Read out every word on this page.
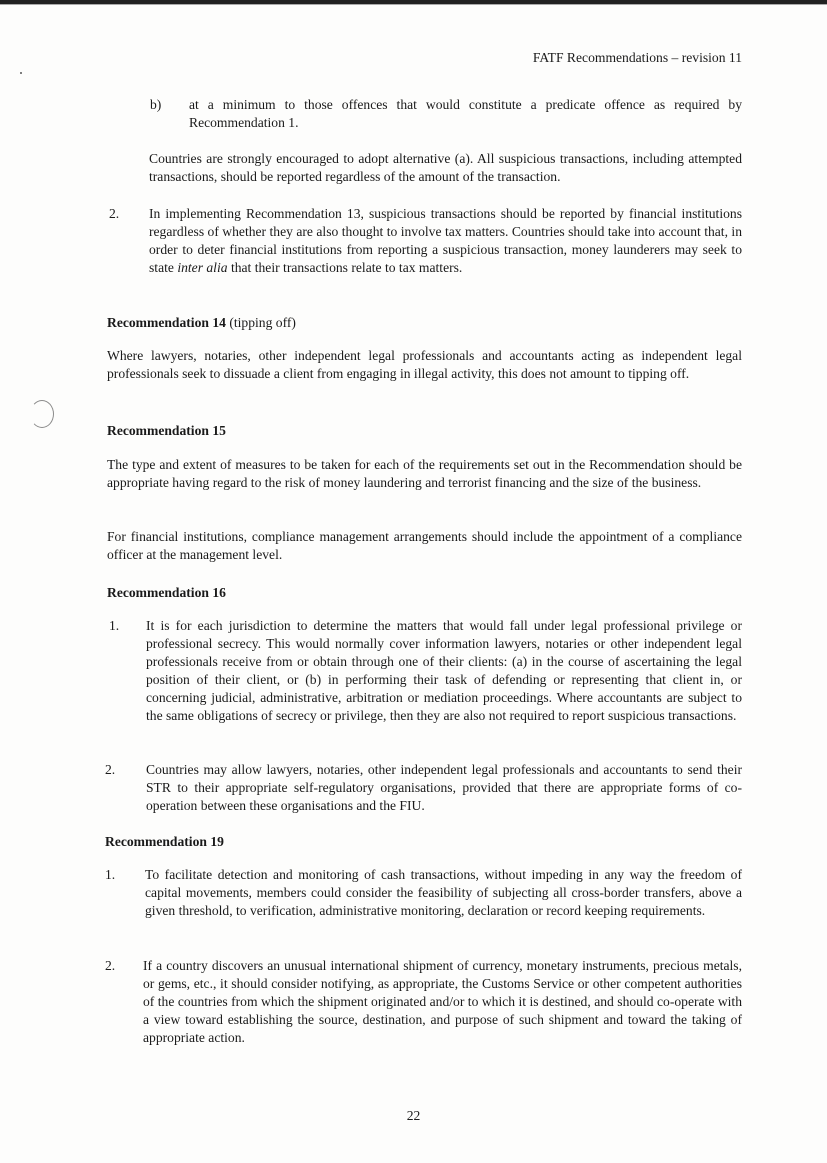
FATF Recommendations – revision 11
b) at a minimum to those offences that would constitute a predicate offence as required by Recommendation 1.
Countries are strongly encouraged to adopt alternative (a). All suspicious transactions, including attempted transactions, should be reported regardless of the amount of the transaction.
2. In implementing Recommendation 13, suspicious transactions should be reported by financial institutions regardless of whether they are also thought to involve tax matters. Countries should take into account that, in order to deter financial institutions from reporting a suspicious transaction, money launderers may seek to state inter alia that their transactions relate to tax matters.
Recommendation 14 (tipping off)
Where lawyers, notaries, other independent legal professionals and accountants acting as independent legal professionals seek to dissuade a client from engaging in illegal activity, this does not amount to tipping off.
Recommendation 15
The type and extent of measures to be taken for each of the requirements set out in the Recommendation should be appropriate having regard to the risk of money laundering and terrorist financing and the size of the business.
For financial institutions, compliance management arrangements should include the appointment of a compliance officer at the management level.
Recommendation 16
1. It is for each jurisdiction to determine the matters that would fall under legal professional privilege or professional secrecy. This would normally cover information lawyers, notaries or other independent legal professionals receive from or obtain through one of their clients: (a) in the course of ascertaining the legal position of their client, or (b) in performing their task of defending or representing that client in, or concerning judicial, administrative, arbitration or mediation proceedings. Where accountants are subject to the same obligations of secrecy or privilege, then they are also not required to report suspicious transactions.
2. Countries may allow lawyers, notaries, other independent legal professionals and accountants to send their STR to their appropriate self-regulatory organisations, provided that there are appropriate forms of co-operation between these organisations and the FIU.
Recommendation 19
1. To facilitate detection and monitoring of cash transactions, without impeding in any way the freedom of capital movements, members could consider the feasibility of subjecting all cross-border transfers, above a given threshold, to verification, administrative monitoring, declaration or record keeping requirements.
2. If a country discovers an unusual international shipment of currency, monetary instruments, precious metals, or gems, etc., it should consider notifying, as appropriate, the Customs Service or other competent authorities of the countries from which the shipment originated and/or to which it is destined, and should co-operate with a view toward establishing the source, destination, and purpose of such shipment and toward the taking of appropriate action.
22
